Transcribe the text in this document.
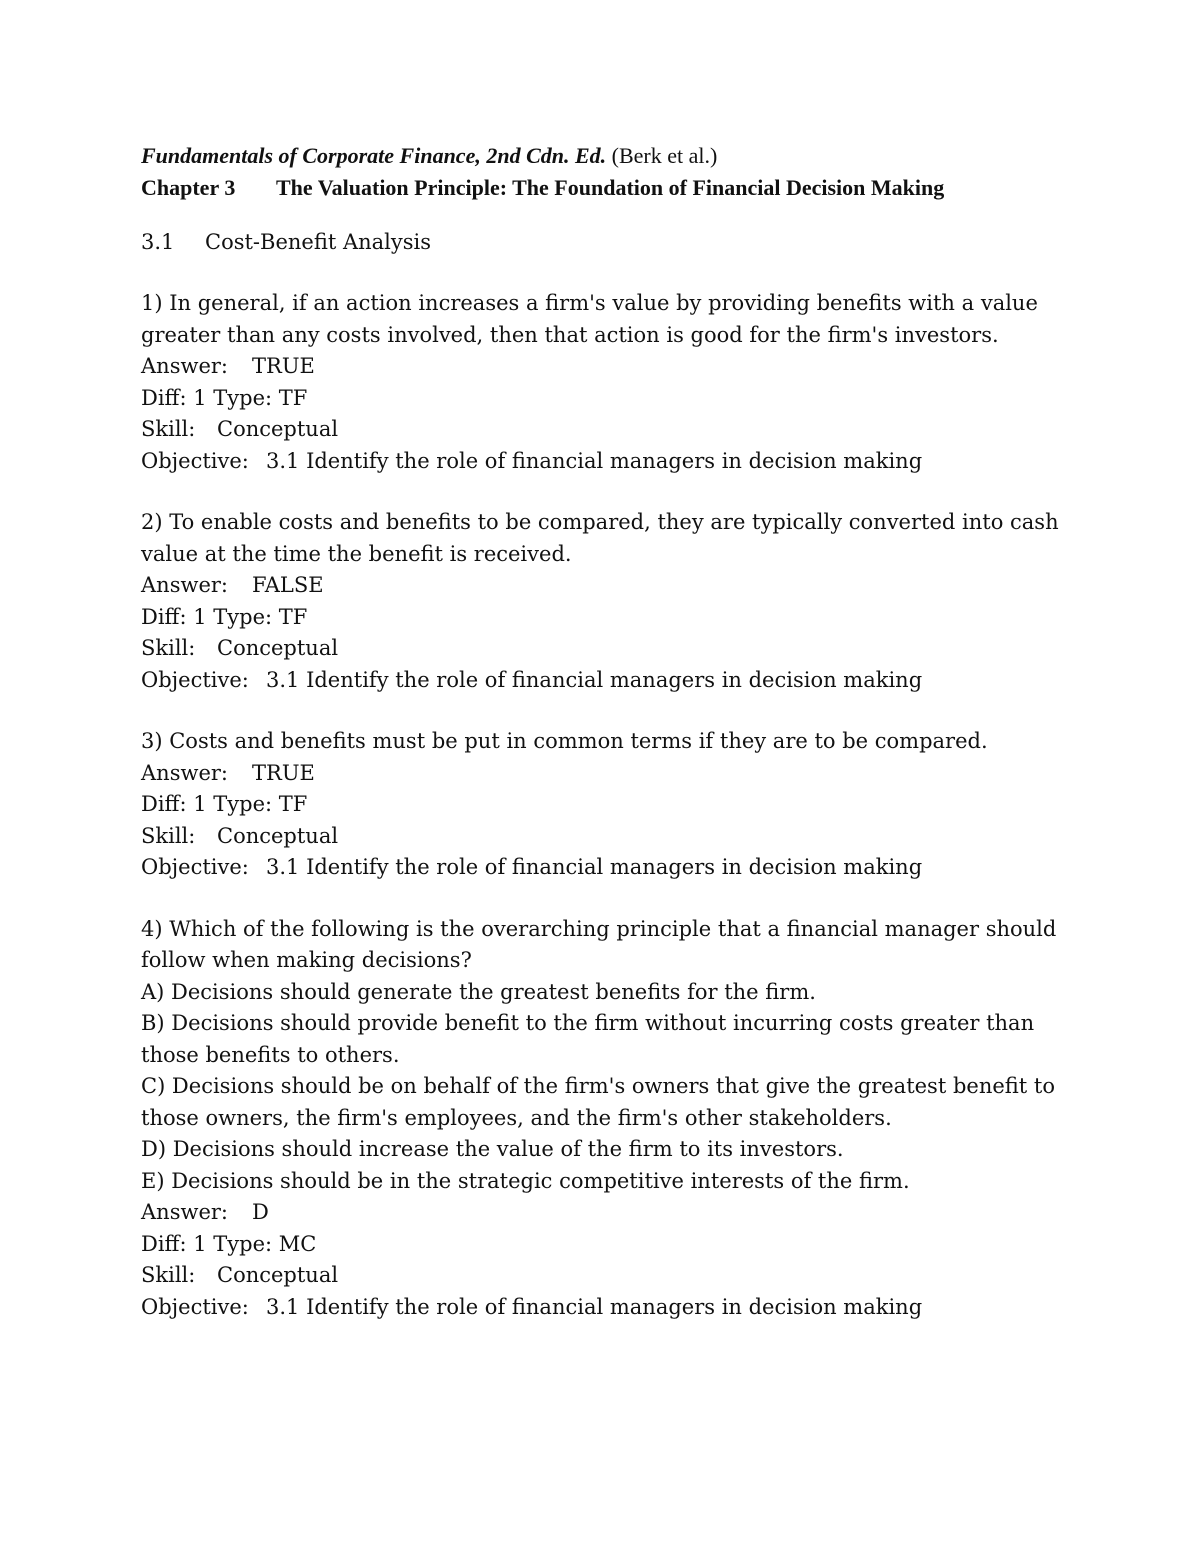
Fundamentals of Corporate Finance, 2nd Cdn. Ed. (Berk et al.)
Chapter 3 The Valuation Principle: The Foundation of Financial Decision Making
3.1 Cost-Benefit Analysis
1) In general, if an action increases a firm's value by providing benefits with a value
greater than any costs involved, then that action is good for the firm's investors.
Answer: TRUE
Diff: 1 Type: TF
Skill: Conceptual
Objective: 3.1 Identify the role of financial managers in decision making
2) To enable costs and benefits to be compared, they are typically converted into cash
value at the time the benefit is received.
Answer: FALSE
Diff: 1 Type: TF
Skill: Conceptual
Objective: 3.1 Identify the role of financial managers in decision making
3) Costs and benefits must be put in common terms if they are to be compared.
Answer: TRUE
Diff: 1 Type: TF
Skill: Conceptual
Objective: 3.1 Identify the role of financial managers in decision making
4) Which of the following is the overarching principle that a financial manager should
follow when making decisions?
A) Decisions should generate the greatest benefits for the firm.
B) Decisions should provide benefit to the firm without incurring costs greater than
those benefits to others.
C) Decisions should be on behalf of the firm's owners that give the greatest benefit to
those owners, the firm's employees, and the firm's other stakeholders.
D) Decisions should increase the value of the firm to its investors.
E) Decisions should be in the strategic competitive interests of the firm.
Answer: D
Diff: 1 Type: MC
Skill: Conceptual
Objective: 3.1 Identify the role of financial managers in decision making
